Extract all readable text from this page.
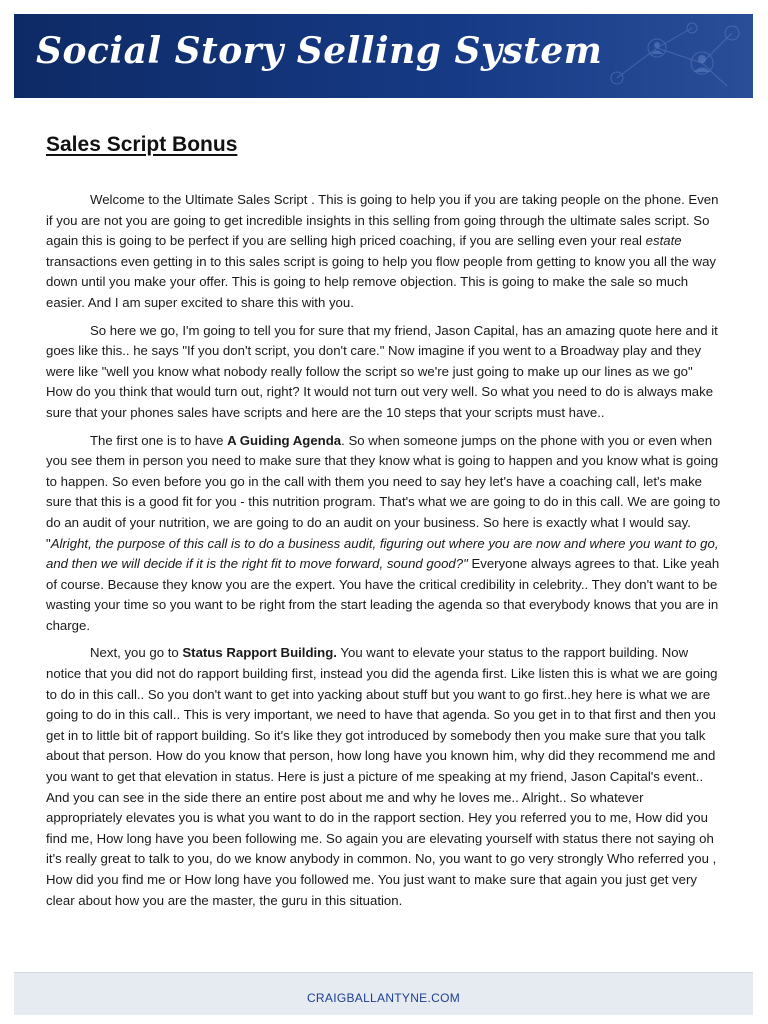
Social Story Selling System
Sales Script Bonus

Welcome to the Ultimate Sales Script . This is going to help you if you are taking people on the phone. Even if you are not you are going to get incredible insights in this selling from going through the ultimate sales script. So again this is going to be perfect if you are selling high priced coaching, if you are selling even your real estate transactions even getting in to this sales script is going to help you flow people from getting to know you all the way down until you make your offer. This is going to help remove objection. This is going to make the sale so much easier. And I am super excited to share this with you.

So here we go, I'm going to tell you for sure that my friend, Jason Capital, has an amazing quote here and it goes like this.. he says "If you don't script, you don't care." Now imagine if you went to a Broadway play and they were like "well you know what nobody really follow the script so we're just going to make up our lines as we go" How do you think that would turn out, right? It would not turn out very well. So what you need to do is always make sure that your phones sales have scripts and here are the 10 steps that your scripts must have..

The first one is to have A Guiding Agenda. So when someone jumps on the phone with you or even when you see them in person you need to make sure that they know what is going to happen and you know what is going to happen. So even before you go in the call with them you need to say hey let's have a coaching call, let's make sure that this is a good fit for you - this nutrition program. That's what we are going to do in this call. We are going to do an audit of your nutrition, we are going to do an audit on your business. So here is exactly what I would say. "Alright, the purpose of this call is to do a business audit, figuring out where you are now and where you want to go, and then we will decide if it is the right fit to move forward, sound good?" Everyone always agrees to that. Like yeah of course. Because they know you are the expert. You have the critical credibility in celebrity.. They don't want to be wasting your time so you want to be right from the start leading the agenda so that everybody knows that you are in charge.

Next, you go to Status Rapport Building. You want to elevate your status to the rapport building. Now notice that you did not do rapport building first, instead you did the agenda first. Like listen this is what we are going to do in this call.. So you don't want to get into yacking about stuff but you want to go first..hey here is what we are going to do in this call.. This is very important, we need to have that agenda. So you get in to that first and then you get in to little bit of rapport building. So it's like they got introduced by somebody then you make sure that you talk about that person. How do you know that person, how long have you known him, why did they recommend me and you want to get that elevation in status. Here is just a picture of me speaking at my friend, Jason Capital's event.. And you can see in the side there an entire post about me and why he loves me.. Alright.. So whatever appropriately elevates you is what you want to do in the rapport section. Hey you referred you to me, How did you find me, How long have you been following me. So again you are elevating yourself with status there not saying oh it's really great to talk to you, do we know anybody in common. No, you want to go very strongly Who referred you , How did you find me or How long have you followed me. You just want to make sure that again you just get very clear about how you are the master, the guru in this situation.

CRAIGBALLANTYNE.COM
